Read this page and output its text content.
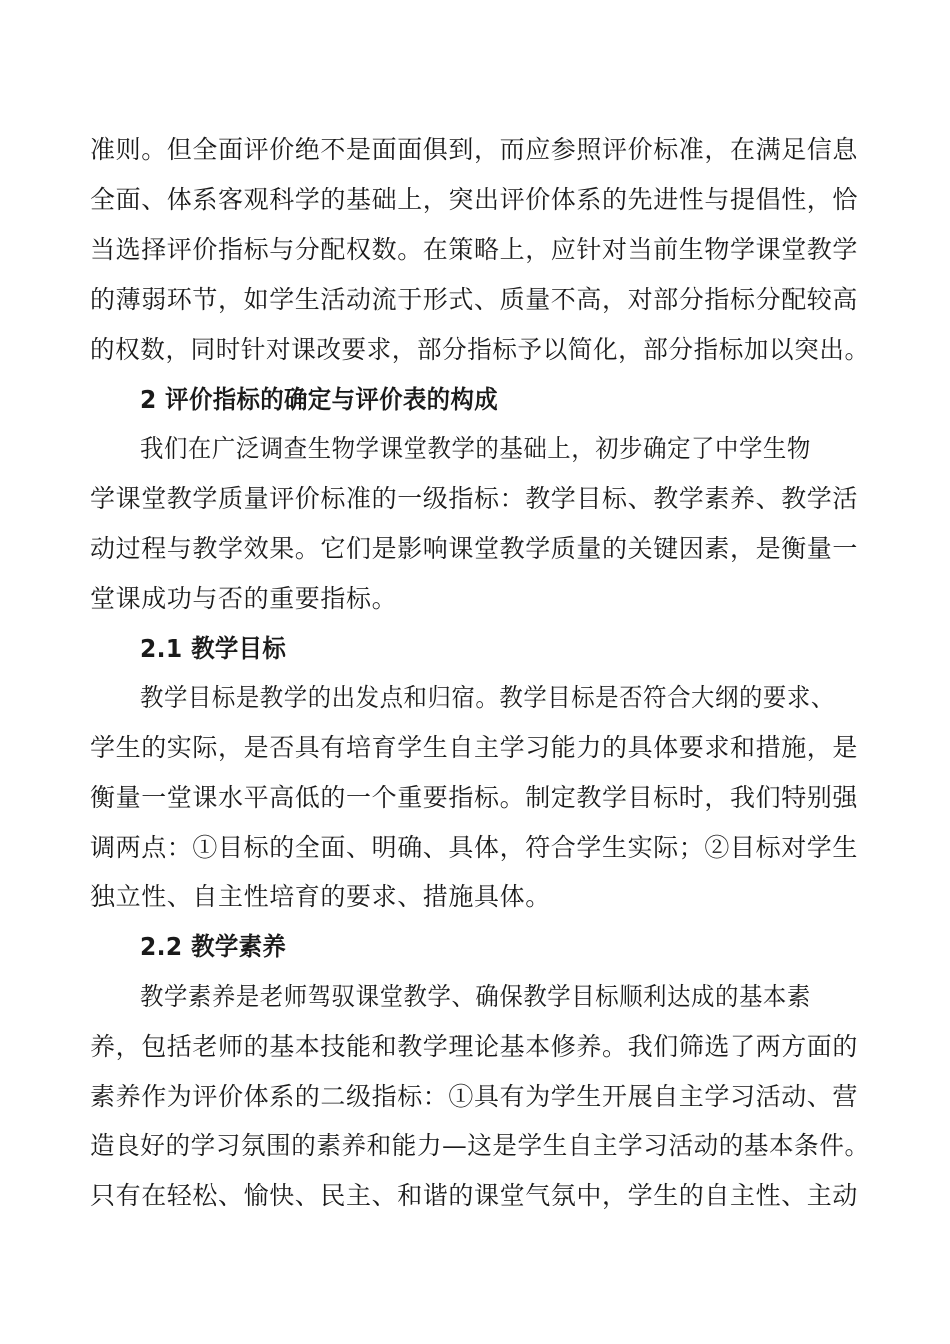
准则。但全面评价绝不是面面俱到，而应参照评价标准，在满足信息
全面、体系客观科学的基础上，突出评价体系的先进性与提倡性，恰
当选择评价指标与分配权数。在策略上，应针对当前生物学课堂教学
的薄弱环节，如学生活动流于形式、质量不高，对部分指标分配较高
的权数，同时针对课改要求，部分指标予以简化，部分指标加以突出。
2 评价指标的确定与评价表的构成
我们在广泛调查生物学课堂教学的基础上，初步确定了中学生物
学课堂教学质量评价标准的一级指标：教学目标、教学素养、教学活
动过程与教学效果。它们是影响课堂教学质量的关键因素，是衡量一
堂课成功与否的重要指标。
2.1 教学目标
教学目标是教学的出发点和归宿。教学目标是否符合大纲的要求、
学生的实际，是否具有培育学生自主学习能力的具体要求和措施，是
衡量一堂课水平高低的一个重要指标。制定教学目标时，我们特别强
调两点：①目标的全面、明确、具体，符合学生实际；②目标对学生
独立性、自主性培育的要求、措施具体。
2.2 教学素养
教学素养是老师驾驭课堂教学、确保教学目标顺利达成的基本素
养，包括老师的基本技能和教学理论基本修养。我们筛选了两方面的
素养作为评价体系的二级指标：①具有为学生开展自主学习活动、营
造良好的学习氛围的素养和能力—这是学生自主学习活动的基本条件。
只有在轻松、愉快、民主、和谐的课堂气氛中，学生的自主性、主动
